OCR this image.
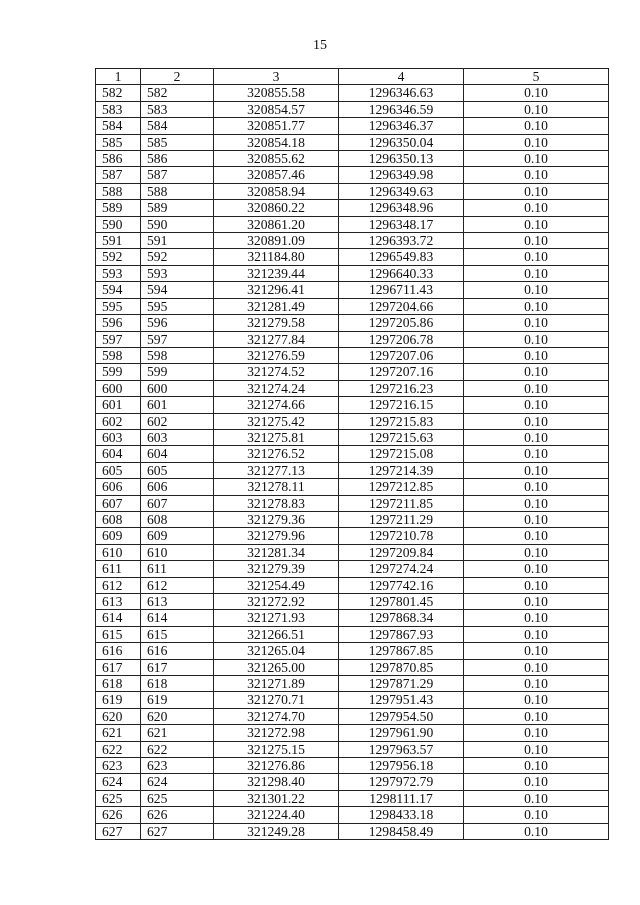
15
1	2	3	4	5
582	582	320855.58	1296346.63	0.10
583	583	320854.57	1296346.59	0.10
584	584	320851.77	1296346.37	0.10
585	585	320854.18	1296350.04	0.10
586	586	320855.62	1296350.13	0.10
587	587	320857.46	1296349.98	0.10
588	588	320858.94	1296349.63	0.10
589	589	320860.22	1296348.96	0.10
590	590	320861.20	1296348.17	0.10
591	591	320891.09	1296393.72	0.10
592	592	321184.80	1296549.83	0.10
593	593	321239.44	1296640.33	0.10
594	594	321296.41	1296711.43	0.10
595	595	321281.49	1297204.66	0.10
596	596	321279.58	1297205.86	0.10
597	597	321277.84	1297206.78	0.10
598	598	321276.59	1297207.06	0.10
599	599	321274.52	1297207.16	0.10
600	600	321274.24	1297216.23	0.10
601	601	321274.66	1297216.15	0.10
602	602	321275.42	1297215.83	0.10
603	603	321275.81	1297215.63	0.10
604	604	321276.52	1297215.08	0.10
605	605	321277.13	1297214.39	0.10
606	606	321278.11	1297212.85	0.10
607	607	321278.83	1297211.85	0.10
608	608	321279.36	1297211.29	0.10
609	609	321279.96	1297210.78	0.10
610	610	321281.34	1297209.84	0.10
611	611	321279.39	1297274.24	0.10
612	612	321254.49	1297742.16	0.10
613	613	321272.92	1297801.45	0.10
614	614	321271.93	1297868.34	0.10
615	615	321266.51	1297867.93	0.10
616	616	321265.04	1297867.85	0.10
617	617	321265.00	1297870.85	0.10
618	618	321271.89	1297871.29	0.10
619	619	321270.71	1297951.43	0.10
620	620	321274.70	1297954.50	0.10
621	621	321272.98	1297961.90	0.10
622	622	321275.15	1297963.57	0.10
623	623	321276.86	1297956.18	0.10
624	624	321298.40	1297972.79	0.10
625	625	321301.22	1298111.17	0.10
626	626	321224.40	1298433.18	0.10
627	627	321249.28	1298458.49	0.10
